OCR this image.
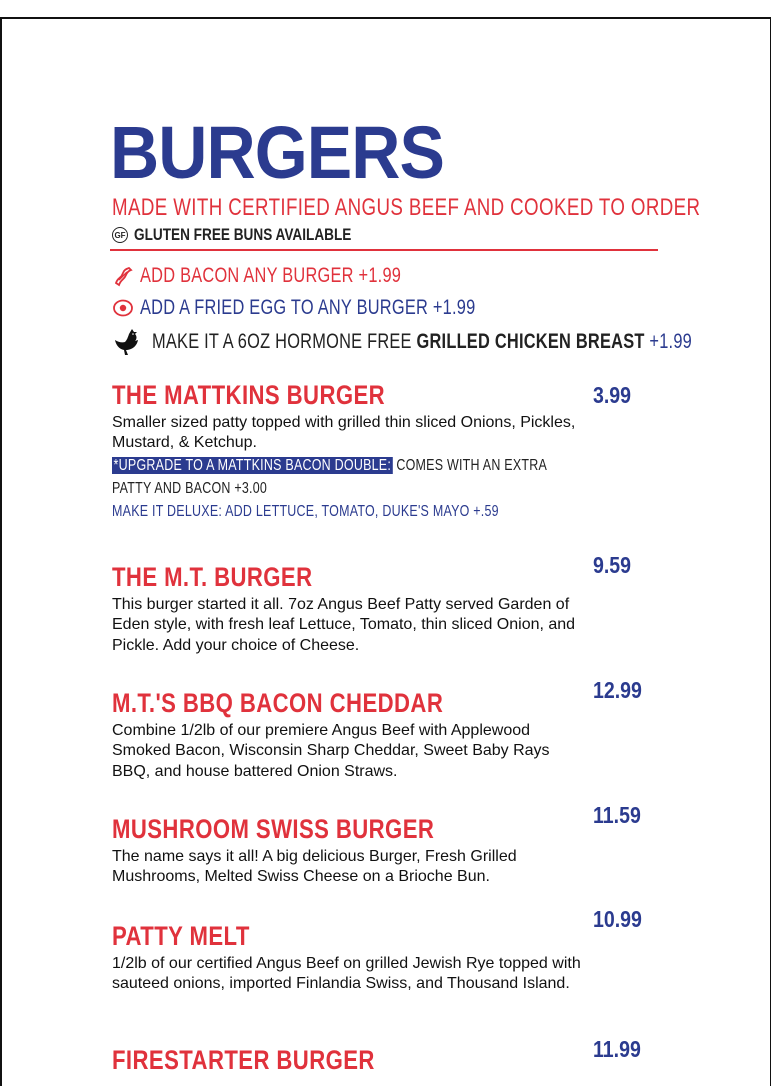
BURGERS
MADE WITH CERTIFIED ANGUS BEEF AND COOKED TO ORDER
GF GLUTEN FREE BUNS AVAILABLE
ADD BACON ANY BURGER +1.99
ADD A FRIED EGG TO ANY BURGER +1.99
MAKE IT A 6OZ HORMONE FREE GRILLED CHICKEN BREAST +1.99
THE MATTKINS BURGER
Smaller sized patty topped with grilled thin sliced Onions, Pickles, Mustard, & Ketchup.
*UPGRADE TO A MATTKINS BACON DOUBLE: COMES WITH AN EXTRA
PATTY AND BACON +3.00
MAKE IT DELUXE: ADD LETTUCE, TOMATO, DUKE'S MAYO +.59
3.99
THE M.T. BURGER
This burger started it all. 7oz Angus Beef Patty served Garden of Eden style, with fresh leaf Lettuce, Tomato, thin sliced Onion, and Pickle. Add your choice of Cheese.
9.59
M.T.'S BBQ BACON CHEDDAR
Combine 1/2lb of our premiere Angus Beef with Applewood Smoked Bacon, Wisconsin Sharp Cheddar, Sweet Baby Rays BBQ, and house battered Onion Straws.
12.99
MUSHROOM SWISS BURGER
The name says it all! A big delicious Burger, Fresh Grilled Mushrooms, Melted Swiss Cheese on a Brioche Bun.
11.59
PATTY MELT
1/2lb of our certified Angus Beef on grilled Jewish Rye topped with sauteed onions, imported Finlandia Swiss, and Thousand Island.
10.99
FIRESTARTER BURGER	11.99
